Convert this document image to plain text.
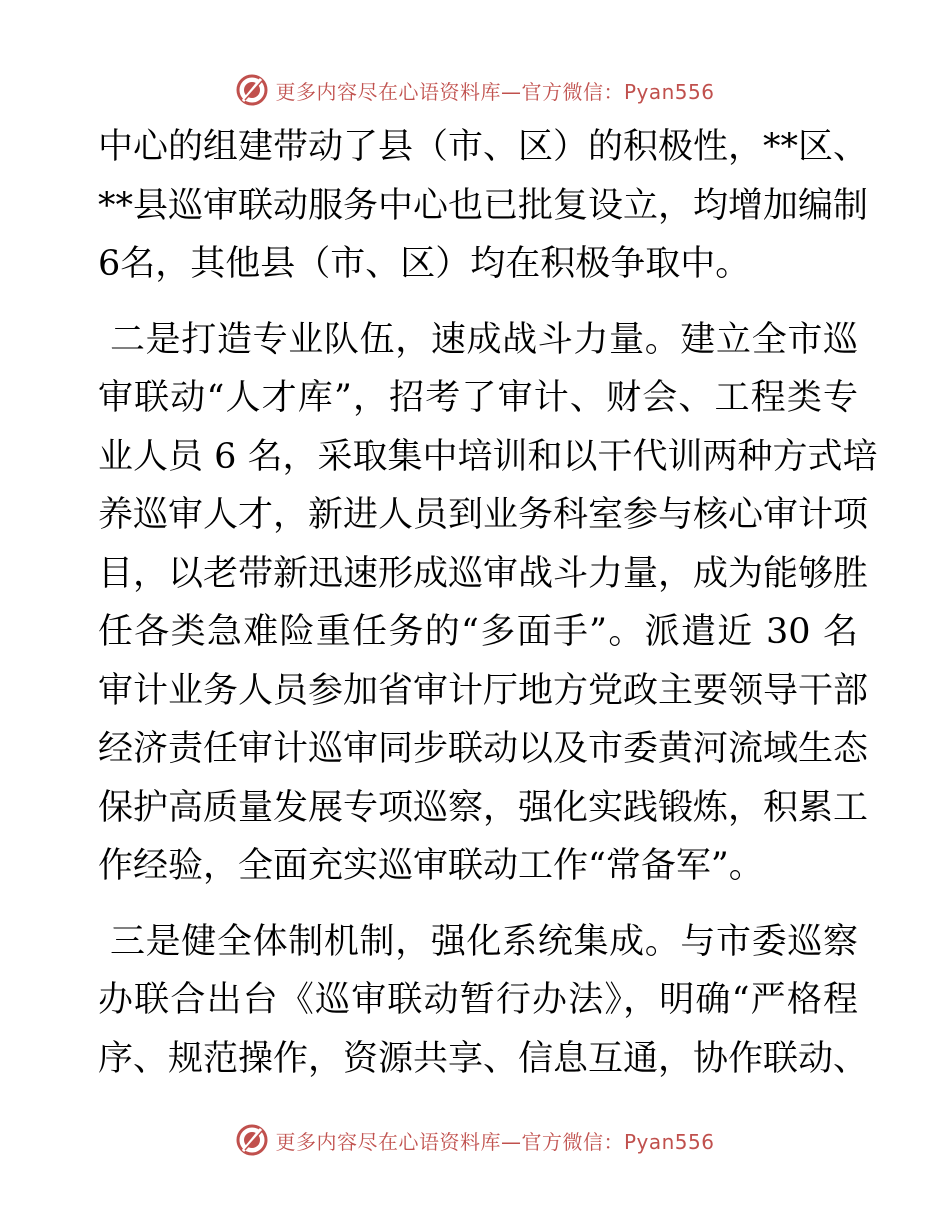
更多内容尽在心语资料库—官方微信：Pyan556
中心的组建带动了县（市、区）的积极性，**区、
**县巡审联动服务中心也已批复设立，均增加编制
6名，其他县（市、区）均在积极争取中。
二是打造专业队伍，速成战斗力量。建立全市巡
审联动“人才库”，招考了审计、财会、工程类专
业人员 6 名，采取集中培训和以干代训两种方式培
养巡审人才，新进人员到业务科室参与核心审计项
目，以老带新迅速形成巡审战斗力量，成为能够胜
任各类急难险重任务的“多面手”。派遣近 30 名
审计业务人员参加省审计厅地方党政主要领导干部
经济责任审计巡审同步联动以及市委黄河流域生态
保护高质量发展专项巡察，强化实践锻炼，积累工
作经验，全面充实巡审联动工作“常备军”。
三是健全体制机制，强化系统集成。与市委巡察
办联合出台《巡审联动暂行办法》，明确“严格程
序、规范操作，资源共享、信息互通，协作联动、
更多内容尽在心语资料库—官方微信：Pyan556
